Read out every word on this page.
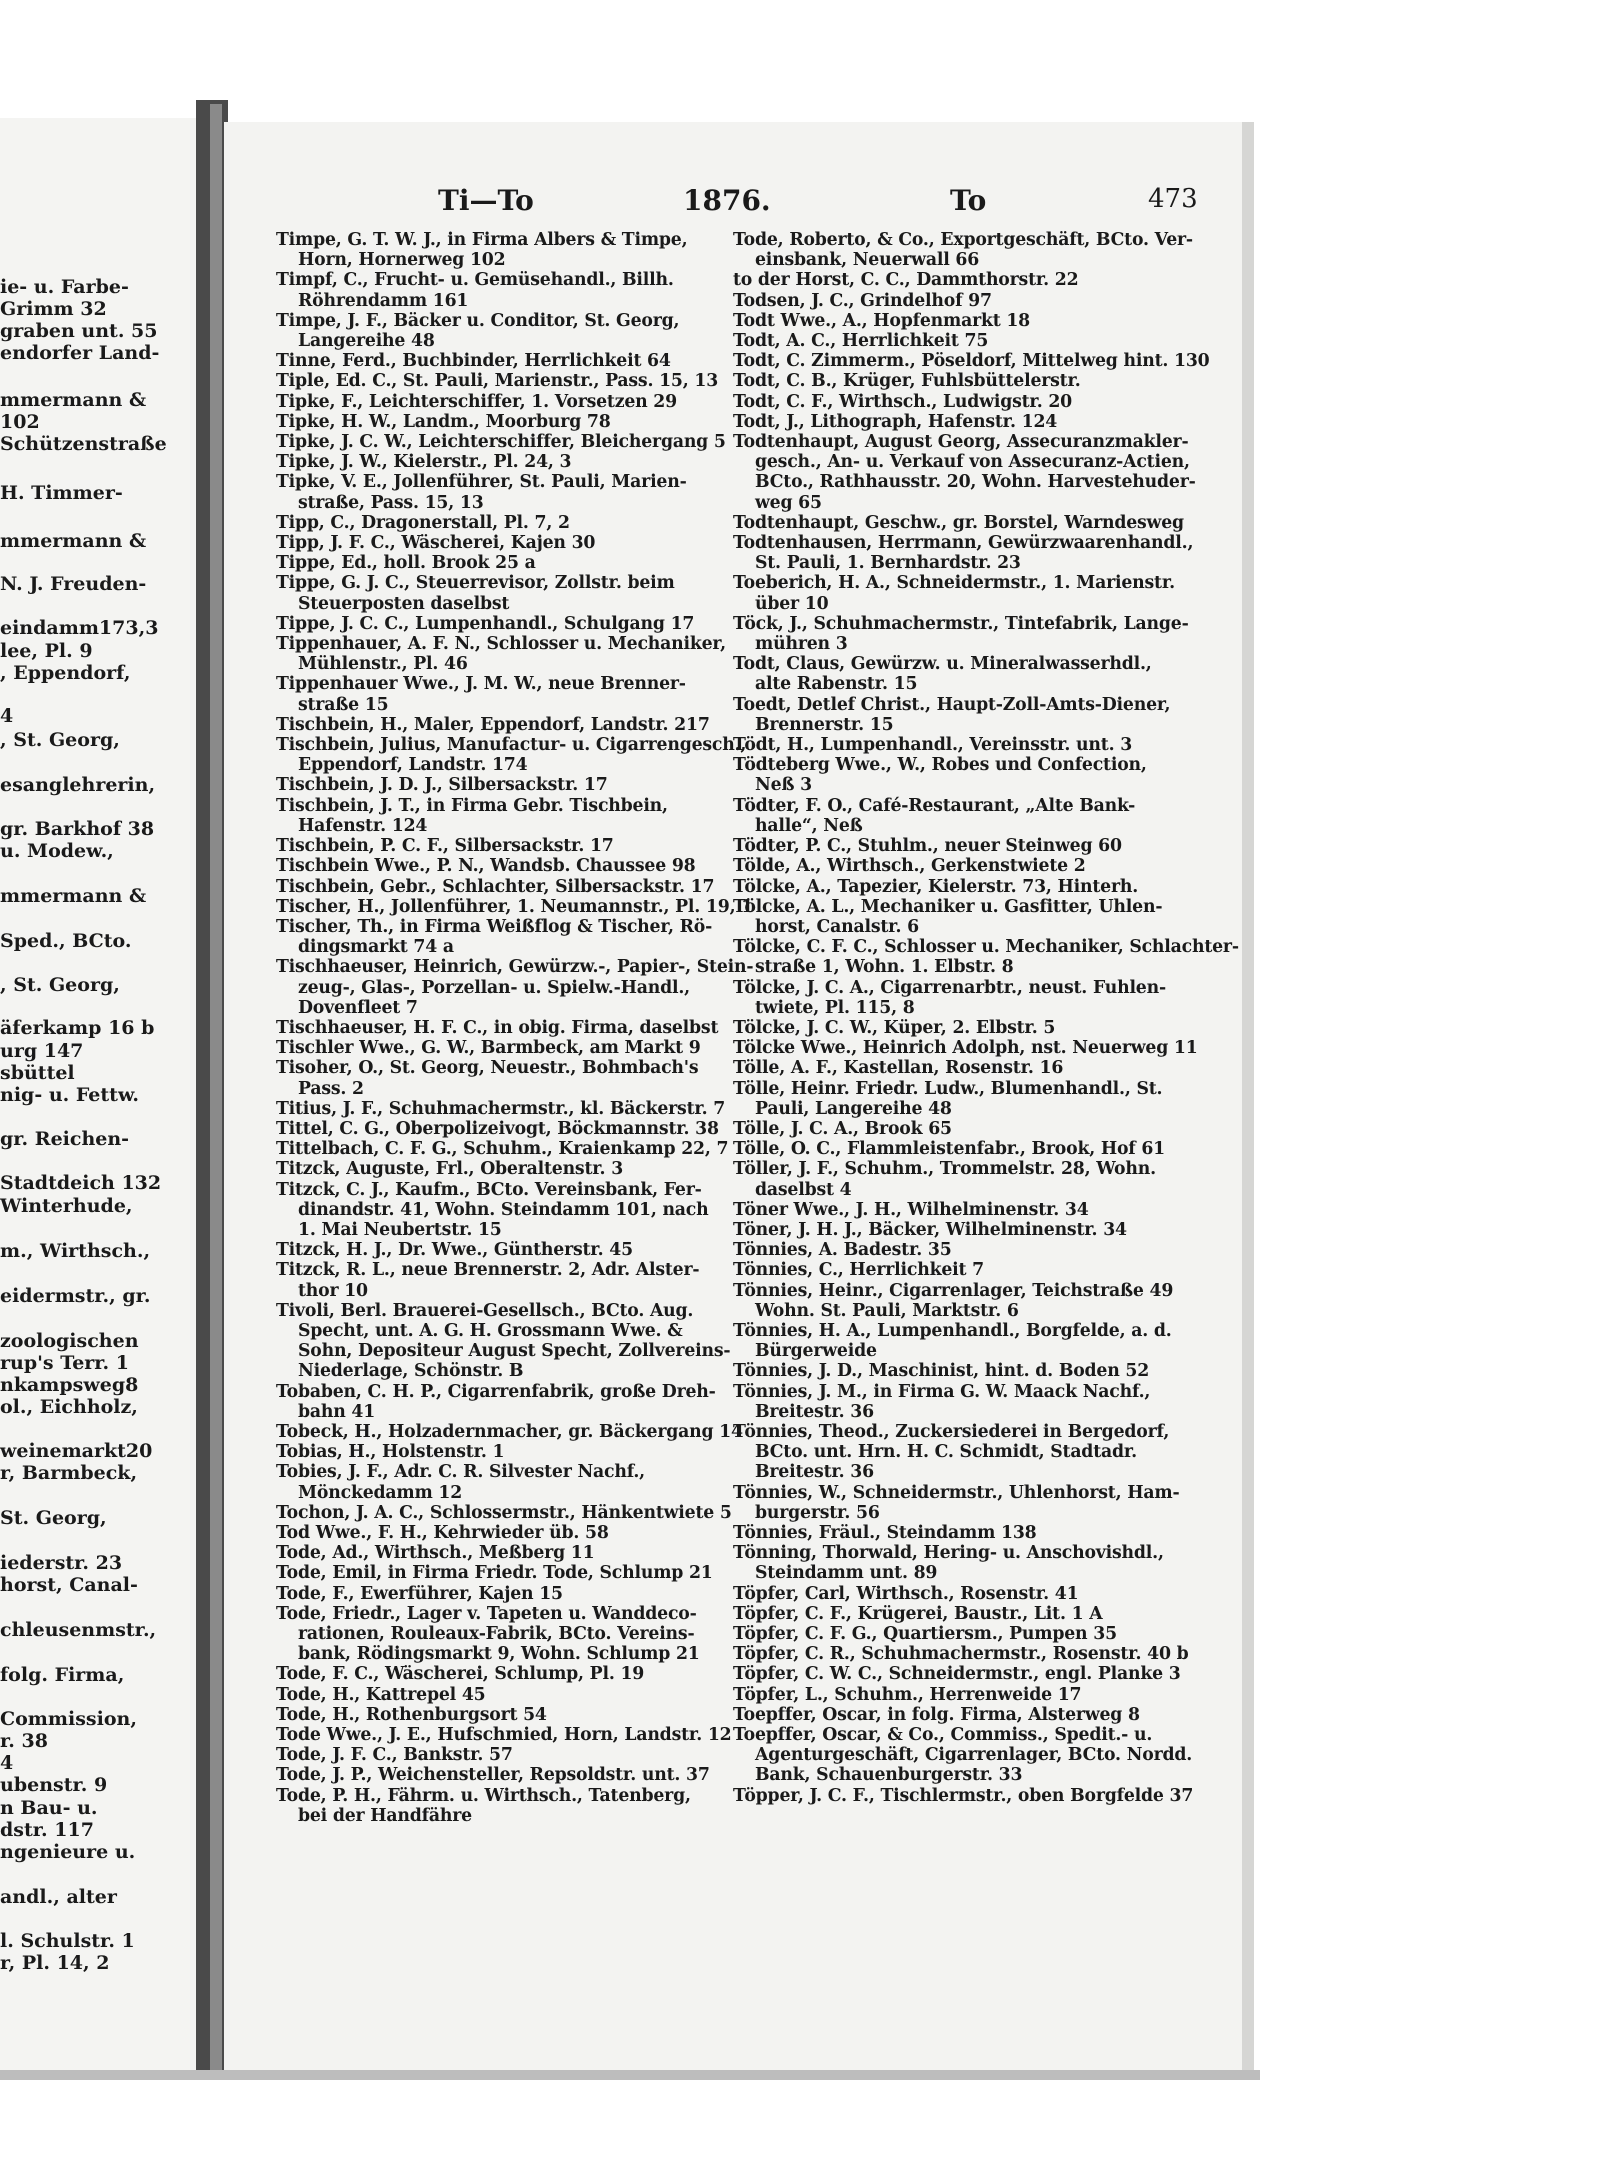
ie- u. Farbe-
Grimm 32
graben unt. 55
endorfer Land-
mmermann &
102
Schützenstraße
H. Timmer-
mmermann &
N. J. Freuden-
eindamm173,3
lee, Pl. 9
, Eppendorf,
4
, St. Georg,
esanglehrerin,
gr. Barkhof 38
u. Modew.,
mmermann &
Sped., BCto.
, St. Georg,
äferkamp 16 b
urg 147
sbüttel
nig- u. Fettw.
gr. Reichen-
Stadtdeich 132
Winterhude,
m., Wirthsch.,
eidermstr., gr.
zoologischen
rup's Terr. 1
nkampsweg8
ol., Eichholz,
weinemarkt20
r, Barmbeck,
St. Georg,
iederstr. 23
horst, Canal-
chleusenmstr.,
folg. Firma,
Commission,
r. 38
4
ubenstr. 9
n Bau- u.
dstr. 117
ngenieure u.
andl., alter
l. Schulstr. 1
r, Pl. 14, 2
Ti—To	1876.	To	473
Timpe, G. T. W. J., in Firma Albers & Timpe,
Horn, Hornerweg 102
Timpf, C., Frucht- u. Gemüsehandl., Billh.
Röhrendamm 161
Timpe, J. F., Bäcker u. Conditor, St. Georg,
Langereihe 48
Tinne, Ferd., Buchbinder, Herrlichkeit 64
Tiple, Ed. C., St. Pauli, Marienstr., Pass. 15, 13
Tipke, F., Leichterschiffer, 1. Vorsetzen 29
Tipke, H. W., Landm., Moorburg 78
Tipke, J. C. W., Leichterschiffer, Bleichergang 5
Tipke, J. W., Kielerstr., Pl. 24, 3
Tipke, V. E., Jollenführer, St. Pauli, Marien-
straße, Pass. 15, 13
Tipp, C., Dragonerstall, Pl. 7, 2
Tipp, J. F. C., Wäscherei, Kajen 30
Tippe, Ed., holl. Brook 25 a
Tippe, G. J. C., Steuerrevisor, Zollstr. beim
Steuerposten daselbst
Tippe, J. C. C., Lumpenhandl., Schulgang 17
Tippenhauer, A. F. N., Schlosser u. Mechaniker,
Mühlenstr., Pl. 46
Tippenhauer Wwe., J. M. W., neue Brenner-
straße 15
Tischbein, H., Maler, Eppendorf, Landstr. 217
Tischbein, Julius, Manufactur- u. Cigarrengesch.,
Eppendorf, Landstr. 174
Tischbein, J. D. J., Silbersackstr. 17
Tischbein, J. T., in Firma Gebr. Tischbein,
Hafenstr. 124
Tischbein, P. C. F., Silbersackstr. 17
Tischbein Wwe., P. N., Wandsb. Chaussee 98
Tischbein, Gebr., Schlachter, Silbersackstr. 17
Tischer, H., Jollenführer, 1. Neumannstr., Pl. 19, 1
Tischer, Th., in Firma Weißflog & Tischer, Rö-
dingsmarkt 74 a
Tischhaeuser, Heinrich, Gewürzw.-, Papier-, Stein-
zeug-, Glas-, Porzellan- u. Spielw.-Handl.,
Dovenfleet 7
Tischhaeuser, H. F. C., in obig. Firma, daselbst
Tischler Wwe., G. W., Barmbeck, am Markt 9
Tisoher, O., St. Georg, Neuestr., Bohmbach's
Pass. 2
Titius, J. F., Schuhmachermstr., kl. Bäckerstr. 7
Tittel, C. G., Oberpolizeivogt, Böckmannstr. 38
Tittelbach, C. F. G., Schuhm., Kraienkamp 22, 7
Titzck, Auguste, Frl., Oberaltenstr. 3
Titzck, C. J., Kaufm., BCto. Vereinsbank, Fer-
dinandstr. 41, Wohn. Steindamm 101, nach
1. Mai Neubertstr. 15
Titzck, H. J., Dr. Wwe., Güntherstr. 45
Titzck, R. L., neue Brennerstr. 2, Adr. Alster-
thor 10
Tivoli, Berl. Brauerei-Gesellsch., BCto. Aug.
Specht, unt. A. G. H. Grossmann Wwe. &
Sohn, Depositeur August Specht, Zollvereins-
Niederlage, Schönstr. B
Tobaben, C. H. P., Cigarrenfabrik, große Dreh-
bahn 41
Tobeck, H., Holzadernmacher, gr. Bäckergang 14
Tobias, H., Holstenstr. 1
Tobies, J. F., Adr. C. R. Silvester Nachf.,
Mönckedamm 12
Tochon, J. A. C., Schlossermstr., Hänkentwiete 5
Tod Wwe., F. H., Kehrwieder üb. 58
Tode, Ad., Wirthsch., Meßberg 11
Tode, Emil, in Firma Friedr. Tode, Schlump 21
Tode, F., Ewerführer, Kajen 15
Tode, Friedr., Lager v. Tapeten u. Wanddeco-
rationen, Rouleaux-Fabrik, BCto. Vereins-
bank, Rödingsmarkt 9, Wohn. Schlump 21
Tode, F. C., Wäscherei, Schlump, Pl. 19
Tode, H., Kattrepel 45
Tode, H., Rothenburgsort 54
Tode Wwe., J. E., Hufschmied, Horn, Landstr. 12
Tode, J. F. C., Bankstr. 57
Tode, J. P., Weichensteller, Repsoldstr. unt. 37
Tode, P. H., Fährm. u. Wirthsch., Tatenberg,
bei der Handfähre
Tode, Roberto, & Co., Exportgeschäft, BCto. Ver-
einsbank, Neuerwall 66
to der Horst, C. C., Dammthorstr. 22
Todsen, J. C., Grindelhof 97
Todt Wwe., A., Hopfenmarkt 18
Todt, A. C., Herrlichkeit 75
Todt, C. Zimmerm., Pöseldorf, Mittelweg hint. 130
Todt, C. B., Krüger, Fuhlsbüttelerstr.
Todt, C. F., Wirthsch., Ludwigstr. 20
Todt, J., Lithograph, Hafenstr. 124
Todtenhaupt, August Georg, Assecuranzmakler-
gesch., An- u. Verkauf von Assecuranz-Actien,
BCto., Rathhausstr. 20, Wohn. Harvestehuder-
weg 65
Todtenhaupt, Geschw., gr. Borstel, Warndesweg
Todtenhausen, Herrmann, Gewürzwaarenhandl.,
St. Pauli, 1. Bernhardstr. 23
Toeberich, H. A., Schneidermstr., 1. Marienstr.
über 10
Töck, J., Schuhmachermstr., Tintefabrik, Lange-
mühren 3
Todt, Claus, Gewürzw. u. Mineralwasserhdl.,
alte Rabenstr. 15
Toedt, Detlef Christ., Haupt-Zoll-Amts-Diener,
Brennerstr. 15
Tödt, H., Lumpenhandl., Vereinsstr. unt. 3
Tödteberg Wwe., W., Robes und Confection,
Neß 3
Tödter, F. O., Café-Restaurant, „Alte Bank-
halle“, Neß
Tödter, P. C., Stuhlm., neuer Steinweg 60
Tölde, A., Wirthsch., Gerkenstwiete 2
Tölcke, A., Tapezier, Kielerstr. 73, Hinterh.
Tölcke, A. L., Mechaniker u. Gasfitter, Uhlen-
horst, Canalstr. 6
Tölcke, C. F. C., Schlosser u. Mechaniker, Schlachter-
straße 1, Wohn. 1. Elbstr. 8
Tölcke, J. C. A., Cigarrenarbtr., neust. Fuhlen-
twiete, Pl. 115, 8
Tölcke, J. C. W., Küper, 2. Elbstr. 5
Tölcke Wwe., Heinrich Adolph, nst. Neuerweg 11
Tölle, A. F., Kastellan, Rosenstr. 16
Tölle, Heinr. Friedr. Ludw., Blumenhandl., St.
Pauli, Langereihe 48
Tölle, J. C. A., Brook 65
Tölle, O. C., Flammleistenfabr., Brook, Hof 61
Töller, J. F., Schuhm., Trommelstr. 28, Wohn.
daselbst 4
Töner Wwe., J. H., Wilhelminenstr. 34
Töner, J. H. J., Bäcker, Wilhelminenstr. 34
Tönnies, A. Badestr. 35
Tönnies, C., Herrlichkeit 7
Tönnies, Heinr., Cigarrenlager, Teichstraße 49
Wohn. St. Pauli, Marktstr. 6
Tönnies, H. A., Lumpenhandl., Borgfelde, a. d.
Bürgerweide
Tönnies, J. D., Maschinist, hint. d. Boden 52
Tönnies, J. M., in Firma G. W. Maack Nachf.,
Breitestr. 36
Tönnies, Theod., Zuckersiederei in Bergedorf,
BCto. unt. Hrn. H. C. Schmidt, Stadtadr.
Breitestr. 36
Tönnies, W., Schneidermstr., Uhlenhorst, Ham-
burgerstr. 56
Tönnies, Fräul., Steindamm 138
Tönning, Thorwald, Hering- u. Anschovishdl.,
Steindamm unt. 89
Töpfer, Carl, Wirthsch., Rosenstr. 41
Töpfer, C. F., Krügerei, Baustr., Lit. 1 A
Töpfer, C. F. G., Quartiersm., Pumpen 35
Töpfer, C. R., Schuhmachermstr., Rosenstr. 40 b
Töpfer, C. W. C., Schneidermstr., engl. Planke 3
Töpfer, L., Schuhm., Herrenweide 17
Toepffer, Oscar, in folg. Firma, Alsterweg 8
Toepffer, Oscar, & Co., Commiss., Spedit.- u.
Agenturgeschäft, Cigarrenlager, BCto. Nordd.
Bank, Schauenburgerstr. 33
Töpper, J. C. F., Tischlermstr., oben Borgfelde 37
